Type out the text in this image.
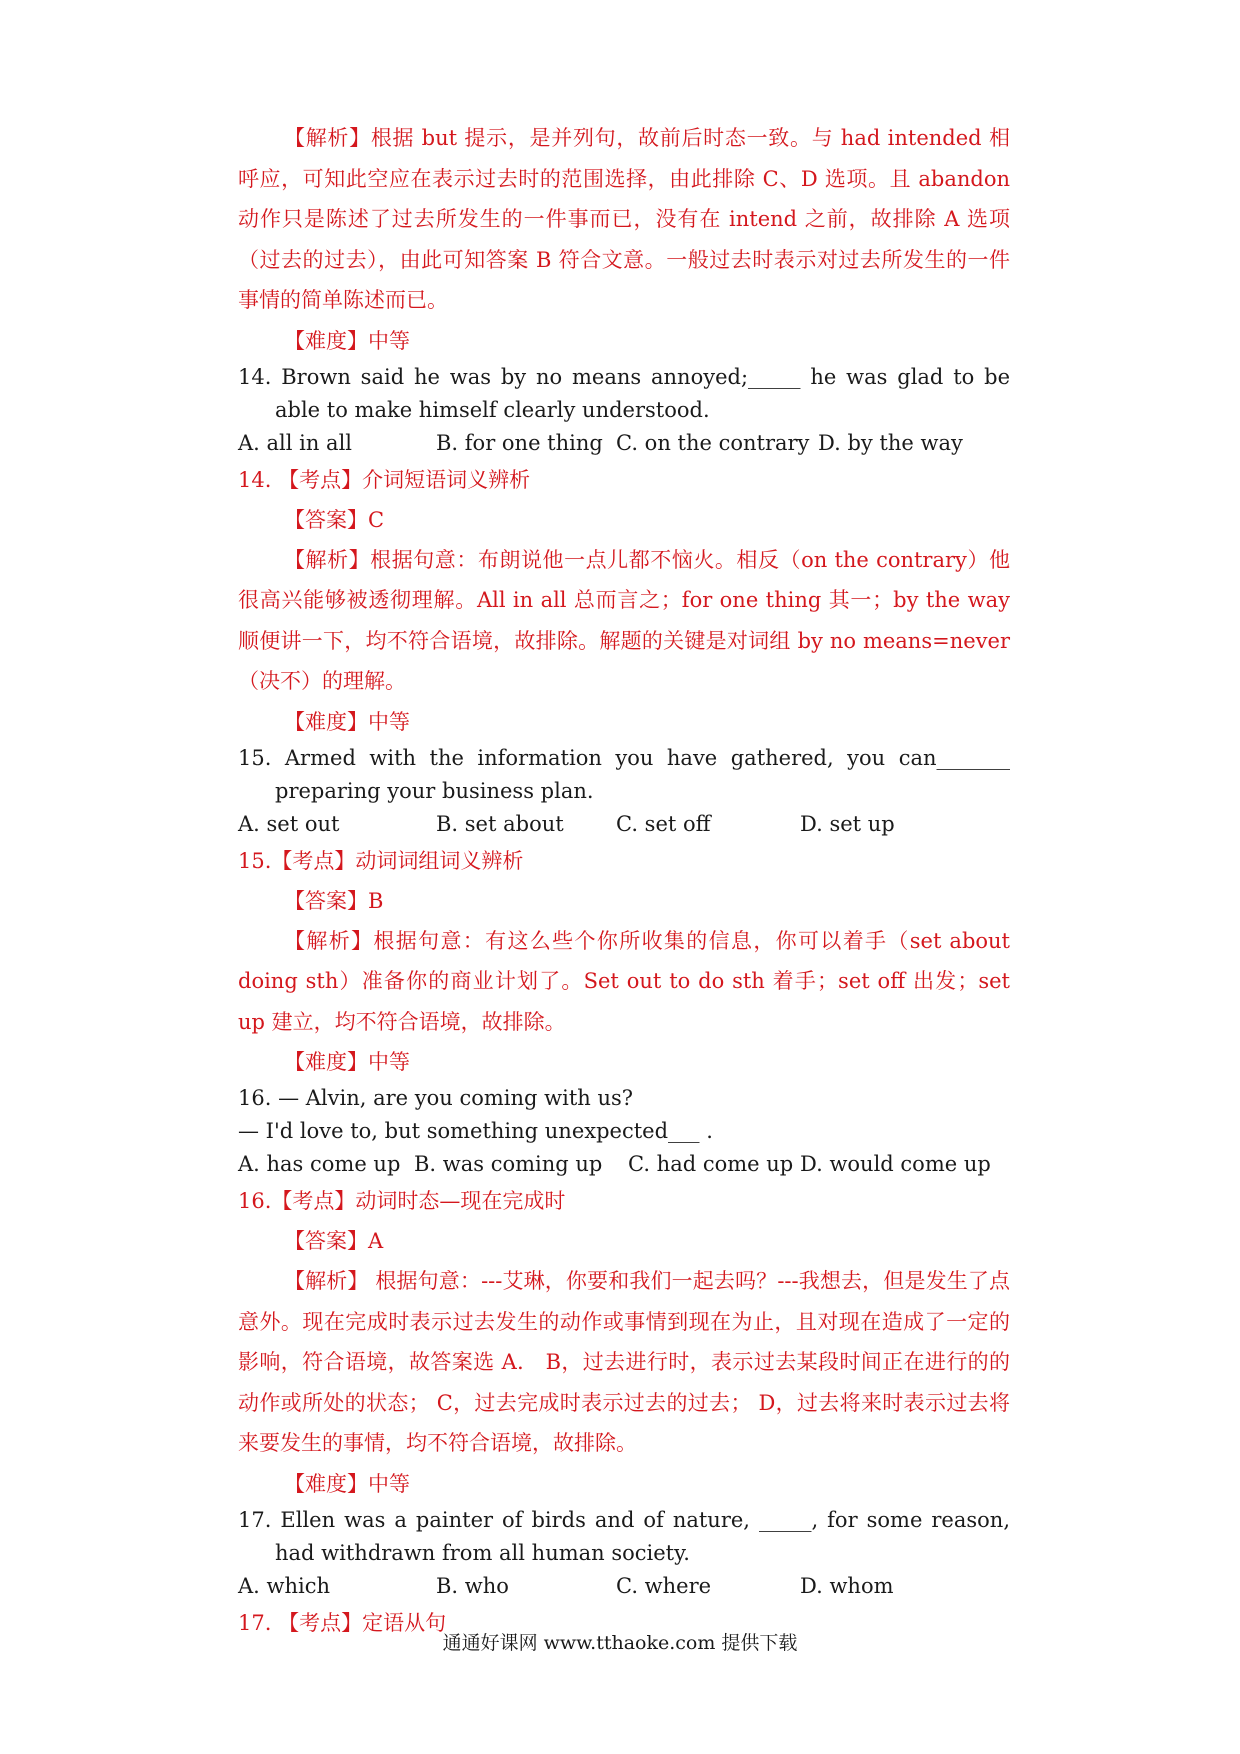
【解析】根据 but 提示，是并列句，故前后时态一致。与 had intended 相呼应，可知此空应在表示过去时的范围选择，由此排除 C、D 选项。且 abandon 动作只是陈述了过去所发生的一件事而已，没有在 intend 之前，故排除 A 选项（过去的过去），由此可知答案 B 符合文意。一般过去时表示对过去所发生的一件事情的简单陈述而已。

【难度】中等

14. Brown said he was by no means annoyed;_____ he was glad to be able to make himself clearly understood.

A. all in all	B. for one thing C. on the contrary D. by the way

14. 【考点】介词短语词义辨析

【答案】C

【解析】根据句意：布朗说他一点儿都不恼火。相反（on the contrary）他很高兴能够被透彻理解。All in all 总而言之；for one thing 其一；by the way 顺便讲一下，均不符合语境，故排除。解题的关键是对词组 by no means=never（决不）的理解。

【难度】中等

15. Armed with the information you have gathered, you can_______ preparing your business plan.

A. set out	B. set about	C. set off	D. set up

15.【考点】动词词组词义辨析

【答案】B

【解析】根据句意：有这么些个你所收集的信息，你可以着手（set about doing sth）准备你的商业计划了。Set out to do sth 着手；set off 出发；set up 建立，均不符合语境，故排除。

【难度】中等

16. — Alvin, are you coming with us?

— I'd love to, but something unexpected___ .

A. has come up B. was coming up	C. had come up D. would come up

16.【考点】动词时态—现在完成时

【答案】A

【解析】 根据句意：---艾琳，你要和我们一起去吗？---我想去，但是发生了点意外。现在完成时表示过去发生的动作或事情到现在为止，且对现在造成了一定的影响，符合语境，故答案选 A． B，过去进行时，表示过去某段时间正在进行的的动作或所处的状态； C，过去完成时表示过去的过去； D，过去将来时表示过去将来要发生的事情，均不符合语境，故排除。

【难度】中等

17. Ellen was a painter of birds and of nature, _____, for some reason, had withdrawn from all human society.

A. which	B. who	C. where	D. whom

17. 【考点】定语从句

通通好课网 www.tthaoke.com 提供下载
